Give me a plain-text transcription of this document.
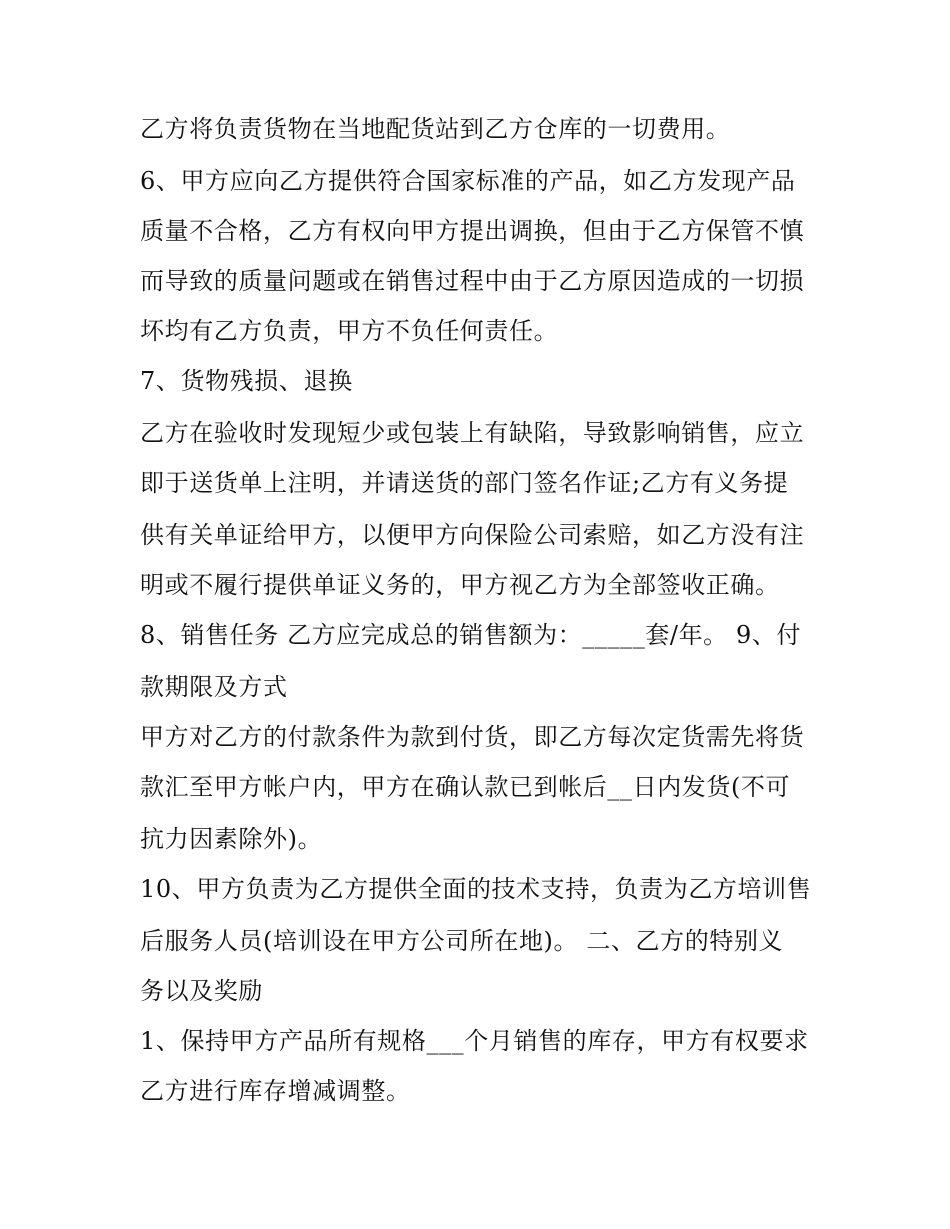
乙方将负责货物在当地配货站到乙方仓库的一切费用。
6、甲方应向乙方提供符合国家标准的产品，如乙方发现产品
质量不合格，乙方有权向甲方提出调换，但由于乙方保管不慎
而导致的质量问题或在销售过程中由于乙方原因造成的一切损
坏均有乙方负责，甲方不负任何责任。
7、货物残损、退换
乙方在验收时发现短少或包装上有缺陷，导致影响销售，应立
即于送货单上注明，并请送货的部门签名作证;乙方有义务提
供有关单证给甲方，以便甲方向保险公司索赔，如乙方没有注
明或不履行提供单证义务的，甲方视乙方为全部签收正确。
8、销售任务 乙方应完成总的销售额为：_____套/年。 9、付
款期限及方式
甲方对乙方的付款条件为款到付货，即乙方每次定货需先将货
款汇至甲方帐户内，甲方在确认款已到帐后__日内发货(不可
抗力因素除外)。
10、甲方负责为乙方提供全面的技术支持，负责为乙方培训售
后服务人员(培训设在甲方公司所在地)。 二、乙方的特别义
务以及奖励
1、保持甲方产品所有规格___个月销售的库存，甲方有权要求
乙方进行库存增减调整。
